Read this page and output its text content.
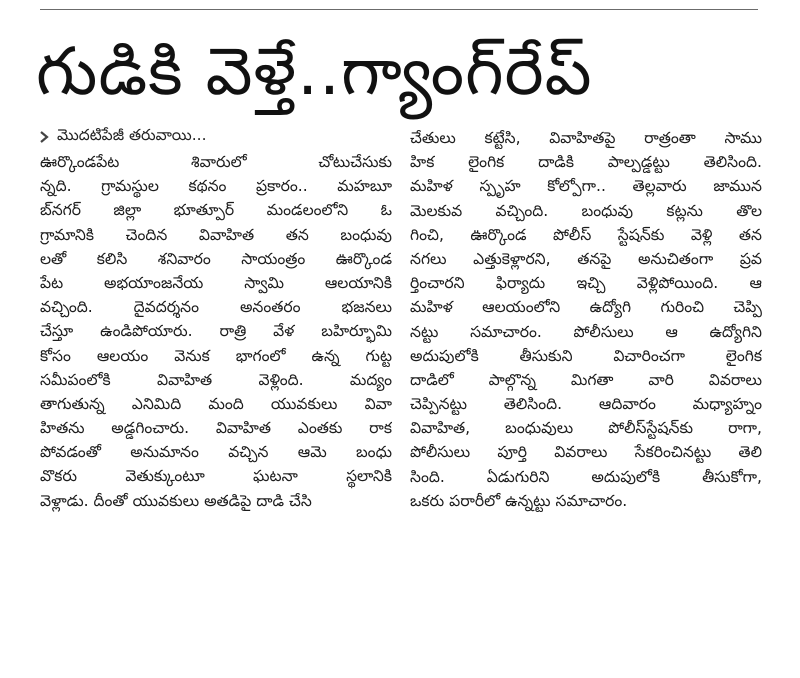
గుడికి వెళ్తే..గ్యాంగ్‌రేప్
మొదటిపేజీ తరువాయి...
ఊర్కొండపేట శివారులో చోటుచేసుకు
న్నది. గ్రామస్థుల కథనం ప్రకారం.. మహబూ
బ్‌నగర్ జిల్లా భూత్పూర్ మండలంలోని ఓ
గ్రామానికి చెందిన వివాహిత తన బంధువు
లతో కలిసి శనివారం సాయంత్రం ఊర్కొండ
పేట అభయాంజనేయ స్వామి ఆలయానికి
వచ్చింది. దైవదర్శనం అనంతరం భజనలు
చేస్తూ ఉండిపోయారు. రాత్రి వేళ బహిర్భూమి
కోసం ఆలయం వెనుక భాగంలో ఉన్న గుట్ట
సమీపంలోకి వివాహిత వెళ్లింది. మద్యం
తాగుతున్న ఎనిమిది మంది యువకులు వివా
హితను అడ్డగించారు. వివాహిత ఎంతకు రాక
పోవడంతో అనుమానం వచ్చిన ఆమె బంధు
వొకరు వెతుక్కుంటూ ఘటనా స్థలానికి
వెళ్లాడు. దీంతో యువకులు అతడిపై దాడి చేసి
చేతులు కట్టేసి, వివాహితపై రాత్రంతా సాము
హిక లైంగిక దాడికి పాల్పడ్డట్టు తెలిసింది.
మహిళ స్పృహ కోల్పోగా.. తెల్లవారు జామున
మెలకువ వచ్చింది. బంధువు కట్లను తొల
గించి, ఊర్కొండ పోలీస్ స్టేషన్‌కు వెళ్లి తన
నగలు ఎత్తుకెళ్లారని, తనపై అనుచితంగా ప్రవ
ర్తించారని ఫిర్యాదు ఇచ్చి వెళ్లిపోయింది. ఆ
మహిళ ఆలయంలోని ఉద్యోగి గురించి చెప్పి
నట్టు సమాచారం. పోలీసులు ఆ ఉద్యోగిని
అదుపులోకి తీసుకుని విచారించగా లైంగిక
దాడిలో పాల్గొన్న మిగతా వారి వివరాలు
చెప్పినట్టు తెలిసింది. ఆదివారం మధ్యాహ్నం
వివాహిత, బంధువులు పోలీస్‌స్టేషన్‌కు రాగా,
పోలీసులు పూర్తి వివరాలు సేకరించినట్టు తెలి
సింది. ఏడుగురిని అదుపులోకి తీసుకోగా,
ఒకరు పరారీలో ఉన్నట్టు సమాచారం.
